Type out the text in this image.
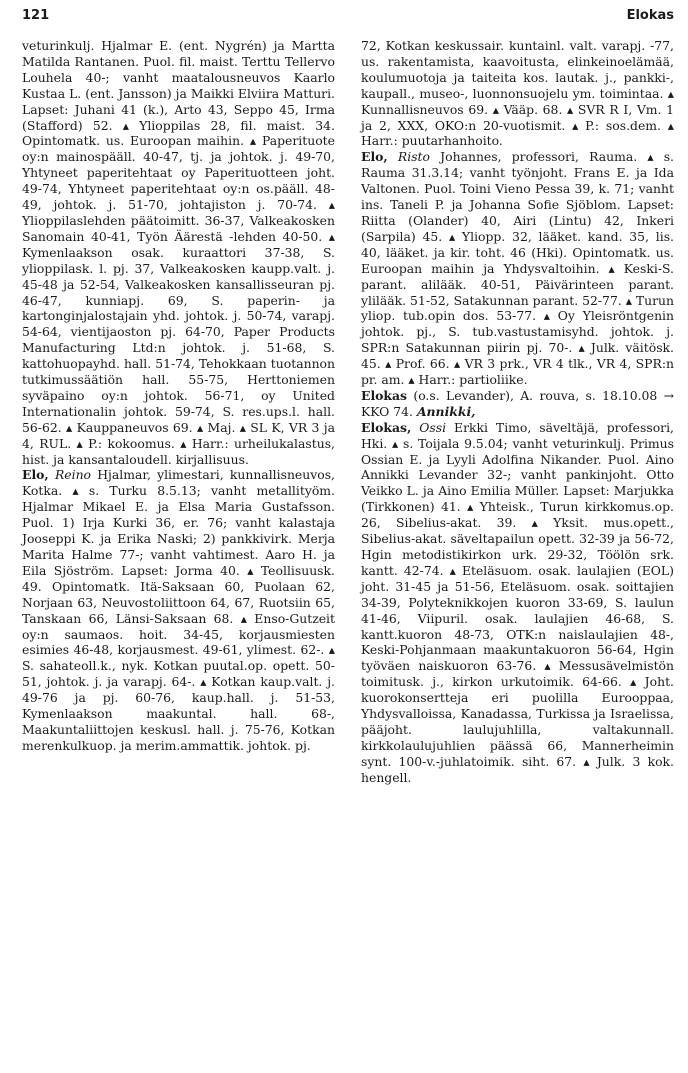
121	Elokas

veturinkulj. Hjalmar E. (ent. Nygrén) ja Martta Matilda Rantanen. Puol. fil. maist. Terttu Tellervo Louhela 40-; vanht maatalousneuvos Kaarlo Kustaa L. (ent. Jansson) ja Maikki Elviira Matturi. Lapset: Juhani 41 (k.), Arto 43, Seppo 45, Irma (Stafford) 52. ▴ Ylioppilas 28, fil. maist. 34. Opintomatk. us. Euroopan maihin. ▴ Paperituote oy:n mainospääll. 40-47, tj. ja johtok. j. 49-70, Yhtyneet paperitehtaat oy Paperituotteen joht. 49-74, Yhtyneet paperitehtaat oy:n os.pääll. 48-49, johtok. j. 51-70, johtajiston j. 70-74. ▴ Ylioppilaslehden päätoimitt. 36-37, Valkeakosken Sanomain 40-41, Työn Äärestä -lehden 40-50. ▴ Kymenlaakson osak. kuraattori 37-38, S. ylioppilask. l. pj. 37, Valkeakosken kaupp.valt. j. 45-48 ja 52-54, Valkeakosken kansallisseuran pj. 46-47, kunniapj. 69, S. paperin- ja kartonginjalostajain yhd. johtok. j. 50-74, varapj. 54-64, vientijaoston pj. 64-70, Paper Products Manufacturing Ltd:n johtok. j. 51-68, S. kattohuopayhd. hall. 51-74, Tehokkaan tuotannon tutkimussäätiön hall. 55-75, Herttoniemen syväpaino oy:n johtok. 56-71, oy United Internationalin johtok. 59-74, S. res.ups.l. hall. 56-62. ▴ Kauppaneuvos 69. ▴ Maj. ▴ SL K, VR 3 ja 4, RUL. ▴ P.: kokoomus. ▴ Harr.: urheilukalastus, hist. ja kansantaloudell. kirjallisuus.

Elo, Reino Hjalmar, ylimestari, kunnallisneuvos, Kotka. ▴ s. Turku 8.5.13; vanht metallityöm. Hjalmar Mikael E. ja Elsa Maria Gustafsson. Puol. 1) Irja Kurki 36, er. 76; vanht kalastaja Jooseppi K. ja Erika Naski; 2) pankkivirk. Merja Marita Halme 77-; vanht vahtimest. Aaro H. ja Eila Sjöström. Lapset: Jorma 40. ▴ Teollisuusk. 49. Opintomatk. Itä-Saksaan 60, Puolaan 62, Norjaan 63, Neuvostoliittoon 64, 67, Ruotsiin 65, Tanskaan 66, Länsi-Saksaan 68. ▴ Enso-Gutzeit oy:n saumaos. hoit. 34-45, korjausmiesten esimies 46-48, korjausmest. 49-61, ylimest. 62-. ▴ S. sahateoll.k., nyk. Kotkan puutal.op. opett. 50-51, johtok. j. ja varapj. 64-. ▴ Kotkan kaup.valt. j. 49-76 ja pj. 60-76, kaup.hall. j. 51-53, Kymenlaakson maakuntal. hall. 68-, Maakuntaliittojen keskusl. hall. j. 75-76, Kotkan merenkulkuop. ja merim.ammattik. johtok. pj.

72, Kotkan keskussair. kuntainl. valt. varapj. -77, us. rakentamista, kaavoitusta, elinkeinoelämää, koulumuotoja ja taiteita kos. lautak. j., pankki-, kaupall., museo-, luonnonsuojelu ym. toimintaa. ▴ Kunnallisneuvos 69. ▴ Vääp. 68. ▴ SVR R I, Vm. 1 ja 2, XXX, OKO:n 20-vuotismit. ▴ P.: sos.dem. ▴ Harr.: puutarhanhoito.

Elo, Risto Johannes, professori, Rauma. ▴ s. Rauma 31.3.14; vanht työnjoht. Frans E. ja Ida Valtonen. Puol. Toini Vieno Pessa 39, k. 71; vanht ins. Taneli P. ja Johanna Sofie Sjöblom. Lapset: Riitta (Olander) 40, Airi (Lintu) 42, Inkeri (Sarpila) 45. ▴ Yliopp. 32, lääket. kand. 35, lis. 40, lääket. ja kir. toht. 46 (Hki). Opintomatk. us. Euroopan maihin ja Yhdysvaltoihin. ▴ Keski-S. parant. alilääk. 40-51, Päivärinteen parant. ylilääk. 51-52, Satakunnan parant. 52-77. ▴ Turun yliop. tub.opin dos. 53-77. ▴ Oy Yleisröntgenin johtok. pj., S. tub.vastustamisyhd. johtok. j. SPR:n Satakunnan piirin pj. 70-. ▴ Julk. väitösk. 45. ▴ Prof. 66. ▴ VR 3 prk., VR 4 tlk., VR 4, SPR:n pr. am. ▴ Harr.: partioliike.

Elokas (o.s. Levander), A. rouva, s. 18.10.08 → KKO 74. Annikki,

Elokas, Ossi Erkki Timo, säveltäjä, professori, Hki. ▴ s. Toijala 9.5.04; vanht veturinkulj. Primus Ossian E. ja Lyyli Adolfina Nikander. Puol. Aino Annikki Levander 32-; vanht pankinjoht. Otto Veikko L. ja Aino Emilia Müller. Lapset: Marjukka (Tirkkonen) 41. ▴ Yhteisk., Turun kirkkomus.op. 26, Sibelius-akat. 39. ▴ Yksit. mus.opett., Sibelius-akat. säveltapailun opett. 32-39 ja 56-72, Hgin metodistikirkon urk. 29-32, Töölön srk. kantt. 42-74. ▴ Eteläsuom. osak. laulajien (EOL) joht. 31-45 ja 51-56, Eteläsuom. osak. soittajien 34-39, Polyteknikkojen kuoron 33-69, S. laulun 41-46, Viipuril. osak. laulajien 46-68, S. kantt.kuoron 48-73, OTK:n naislaulajien 48-, Keski-Pohjanmaan maakuntakuoron 56-64, Hgin työväen naiskuoron 63-76. ▴ Messusävelmistön toimitusk. j., kirkon urkutoimik. 64-66. ▴ Joht. kuorokonsertteja eri puolilla Eurooppaa, Yhdysvalloissa, Kanadassa, Turkissa ja Israelissa, pääjoht. laulujuhlilla, valtakunnall. kirkkolaulujuhlien päässä 66, Mannerheimin synt. 100-v.-juhlatoimik. siht. 67. ▴ Julk. 3 kok. hengell.
